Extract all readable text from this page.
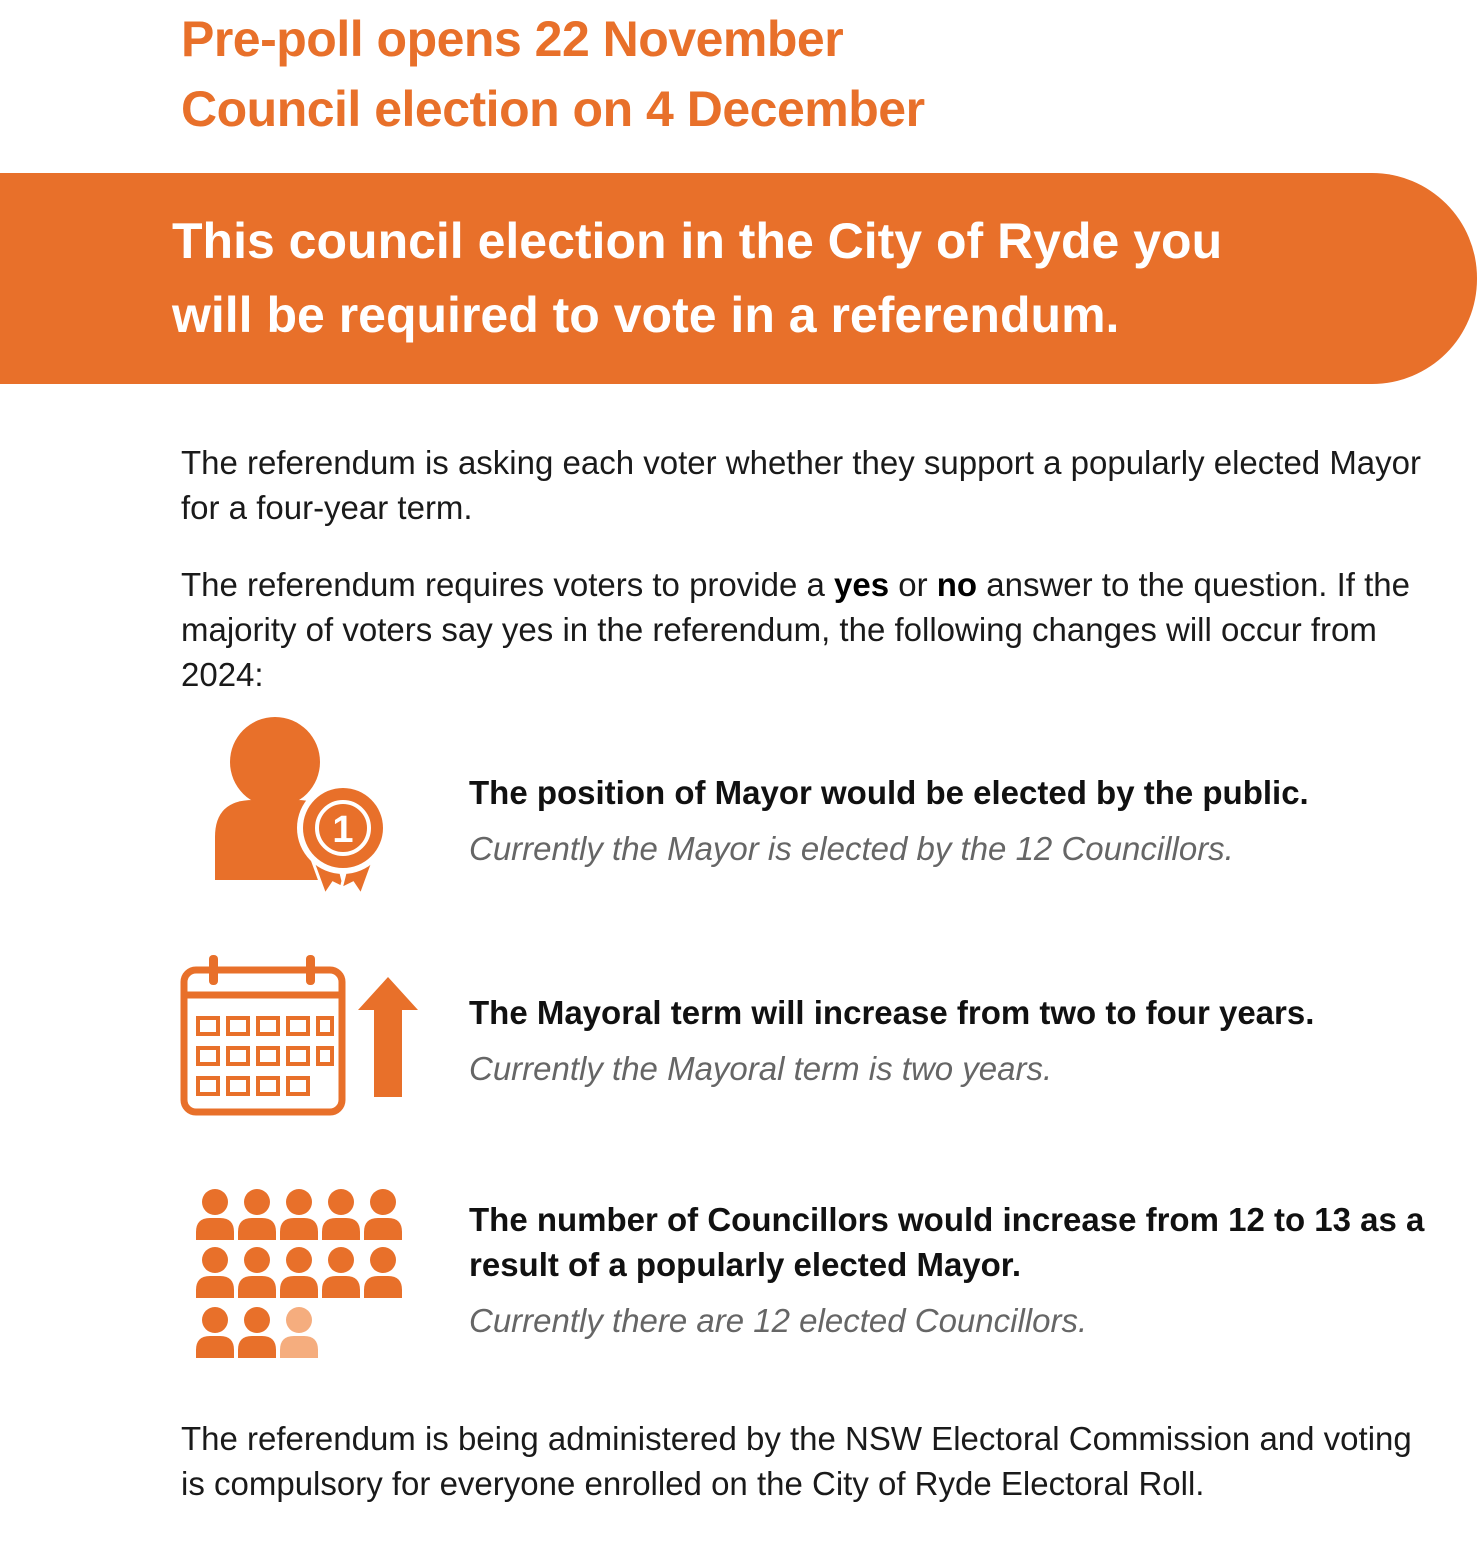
Pre-poll opens 22 November
Council election on 4 December
This council election in the City of Ryde you
will be required to vote in a referendum.
The referendum is asking each voter whether they support a popularly elected Mayor for a four-year term.
The referendum requires voters to provide a yes or no answer to the question. If the majority of voters say yes in the referendum, the following changes will occur from 2024:
1
The position of Mayor would be elected by the public.
Currently the Mayor is elected by the 12 Councillors.
The Mayoral term will increase from two to four years.
Currently the Mayoral term is two years.
The number of Councillors would increase from 12 to 13 as a result of a popularly elected Mayor.
Currently there are 12 elected Councillors.
The referendum is being administered by the NSW Electoral Commission and voting is compulsory for everyone enrolled on the City of Ryde Electoral Roll.
